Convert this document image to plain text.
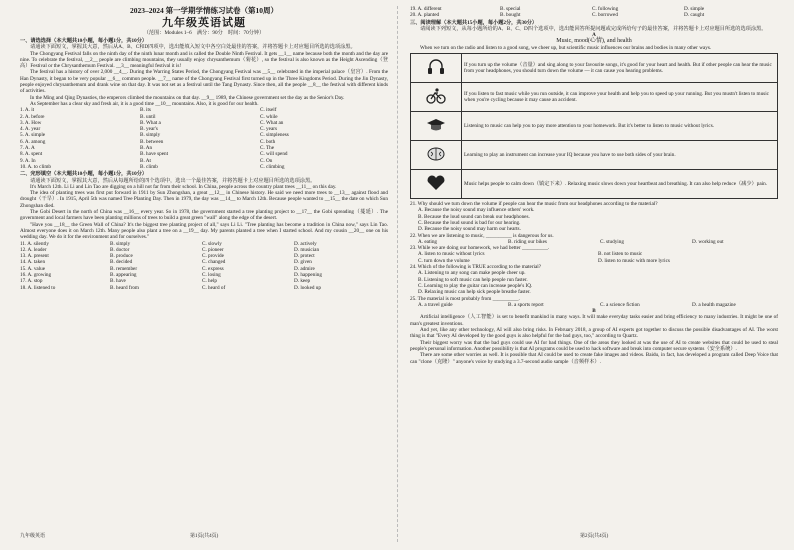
2023–2024 第一学期学情练习试卷（第10周）
九年级英语试题
（范围：Modules 1–6　满分：90分　时间：70分钟）
一、请选选择（本大题共10小题，每小题1分，共10分）

请通读下面短文，掌握其大意，然后从A、B、C和D四项中，选出能填入短文中各空白处最佳的答案，并将答题卡上对应题目所选的选项涂黑。

The Chongyang Festival falls on the ninth day of the ninth lunar month and is called the Double Ninth Festival. It gets __1__ name because both the month and the day are nine. To celebrate the festival, __2__ people are climbing mountains, they usually enjoy chrysanthemum（菊花）, so the festival is also known as the Height Ascending（登高）Festival or the Chrysanthemum Festival. __3__ meaningful festival it is!

The festival has a history of over 2,000 __4__. During the Warring States Period, the Chongyang Festival was __5__ celebrated in the imperial palace（皇宫）. From the Han Dynasty, it began to be very popular __6__ common people. __7__ name of the Chongyang Festival first turned up in the Three Kingdoms Period. During the Jin Dynasty, people enjoyed chrysanthemum and drank wine on that day. It was not set as a festival until the Tang Dynasty. Since then, all the people __8__ the festival with different kinds of activities.

In the Ming and Qing Dynasties, the emperors climbed the mountains on that day. __9__ 1989, the Chinese government set the day as the Senior's Day.

As September has a clear sky and fresh air, it is a good time __10__ mountains. Also, it is good for our health.

1. A. it	B. its	C. itself
2. A. before	B. until	C. while
3. A. How	B. What a	C. What an
4. A. year	B. year's	C. years
5. A. simple	B. simply	C. simpleness
6. A. among	B. between	C. both
7. A. A	B. An	C. The
8. A. spent	B. have spent	C. will spend
9. A. In	B. At	C. On
10. A. to climb	B. climb	C. climbing
二、完形填空（本大题共10小题，每小题1分，共10分）

请通读下面短文，掌握其大意，然后从每题所给的四个选项中，选出一个最佳答案，并将答题卡上对应题目所选的选项涂黑。

It's March 12th. Li Li and Lin Tao are digging on a hill not far from their school. In China, people across the country plant trees __11__ on this day.

The idea of planting trees was first put forward in 1911 by Sun Zhongshan, a great __12__ in Chinese history. He said we need more trees to __13__ against flood and drought（干旱）. In 1915, April 5th was named Tree Planting Day. Then in 1979, the day was __14__ to March 12th. Because people wanted to __15__ the date on which Sun Zhongshan died.

The Gobi Desert in the north of China was __16__ every year. So in 1978, the government started a tree planting project to __17__ the Gobi spreading（蔓延）. The government and local farmers have been planting millions of trees to build a great green "wall" along the edge of the desert.

"Have you __18__ the Green Wall of China? It's the biggest tree planting project of all," says Li Li. "Tree planting has become a tradition in China now," says Lin Tao. Almost everyone does it on March 12th. Many people also plant a tree on a __19__ day. My parents planted a tree when I started school. And my cousin __20__ one on his wedding day. We do it for the environment and for ourselves."

11. A. silently	B. simply	C. slowly	D. actively
12. A. leader	B. doctor	C. pioneer	D. musician
13. A. present	B. produce	C. provide	D. protect
14. A. taken	B. decided	C. changed	D. given
15. A. value	B. remember	C. express	D. admire
16. A. growing	B. appearing	C. losing	D. happening
17. A. stop	B. have	C. help	D. keep
18. A. listened to	B. heard from	C. heard of	D. looked up
九年级英语	第1页(共4页)
19. A. different	B. special	C. following	D. simple
20. A. planted	B. bought	C. borrowed	D. caught
三、阅读理解（本大题共15小题，每小题2分，共30分）

请阅读下列短文，从每小题所给的A、B、C、D四个选项中，选出能回答所提问题或完成所给句子的最佳答案，并将答题卡上对应题目所选的选项涂黑。

A
Music, mood(心情), and health

When we turn on the radio and listen to a good song, we cheer up, but scientific music influences our brains and bodies in many other ways.

	If you turn up the volume（音量）and sing along to your favourite songs, it's good for your heart and health. But if other people can hear the music from your headphones, you should turn down the volume — it can cause you hearing problems.
	If you listen to fast music while you run outside, it can improve your health and help you to speed up your running. But you mustn't listen to music when you're cycling because it may cause an accident.
	Listening to music can help you to pay more attention to your homework. But it's better to listen to music without lyrics.
	Learning to play an instrument can increase your IQ because you have to use both sides of your brain.
	Music helps people to calm down（镇定下来）. Relaxing music slows down your heartbeat and breathing. It can also help reduce（减少）pain.

21. Why should we turn down the volume if people can hear the music from our headphones according to the material?

A. Because the noisy sound may influence others' work.
B. Because the loud sound can break our headphones.
C. Because the loud sound is bad for our hearing.
D. Because the noisy sound may harm our hearts.

22. When we are listening to music, __________ is dangerous for us.

A. eating	B. riding our bikes	C. studying	D. working out

23. While we are doing our homework, we had better __________.

A. listen to music without lyrics	B. not listen to music
C. turn down the volume	D. listen to music with more lyrics

24. Which of the following is TRUE according to the material?

A. Listening to any song can make people cheer up.
B. Listening to soft music can help people run faster.
C. Learning to play the guitar can increase people's IQ.
D. Relaxing music can help sick people breathe faster.

25. The material is most probably from __________.

A. a travel guide	B. a sports report	C. a science fiction	D. a health magazine
B

Artificial intelligence（人工智能）is set to benefit mankind in many ways. It will make everyday tasks easier and bring efficiency to many industries. It might be one of man's greatest inventions.

And yet, like any other technology, AI will also bring risks. In February 2018, a group of AI experts got together to discuss the possible disadvantages of AI. The worst thing is that "Every AI developed by the good guys is also helpful for the bad guys, too," according to Quartz.

Their biggest worry was that the bad guys could use AI for bad things. One of the areas they looked at was the use of AI to create websites that could be used to steal people's personal information. Another possibility is that AI programs could be used to hack software and break into computer secure systems（安全系统）.

There are some other worries as well. It is possible that AI could be used to create fake images and videos. Baidu, in fact, has developed a program called Deep Voice that can "clone（克隆）" anyone's voice by studying a 3.7-second audio sample（音频样本）.

第2页(共4页)
